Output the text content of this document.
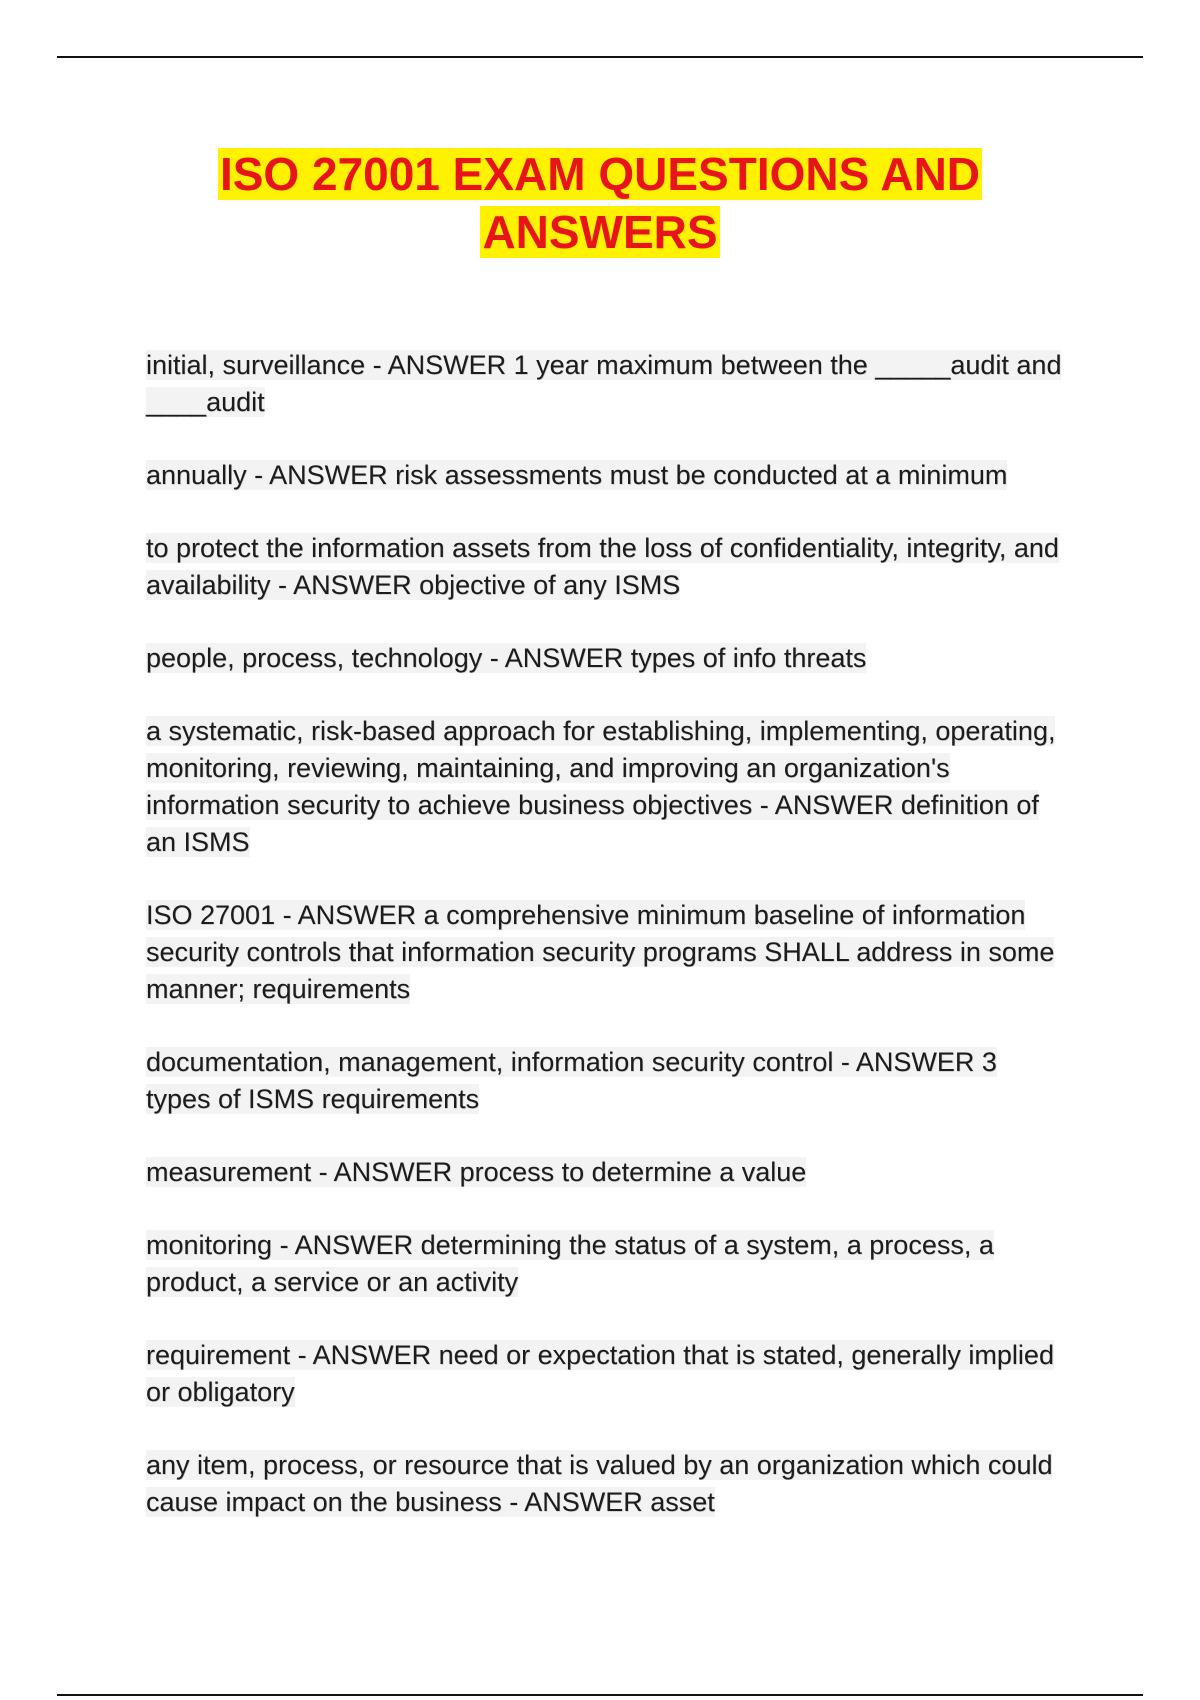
ISO 27001 EXAM QUESTIONS AND
ANSWERS
initial, surveillance - ANSWER 1 year maximum between the _____audit and ____audit
annually - ANSWER risk assessments must be conducted at a minimum
to protect the information assets from the loss of confidentiality, integrity, and availability - ANSWER objective of any ISMS
people, process, technology - ANSWER types of info threats
a systematic, risk-based approach for establishing, implementing, operating, monitoring, reviewing, maintaining, and improving an organization's information security to achieve business objectives - ANSWER definition of an ISMS
ISO 27001 - ANSWER a comprehensive minimum baseline of information security controls that information security programs SHALL address in some manner; requirements
documentation, management, information security control - ANSWER 3 types of ISMS requirements
measurement - ANSWER process to determine a value
monitoring - ANSWER determining the status of a system, a process, a product, a service or an activity
requirement - ANSWER need or expectation that is stated, generally implied or obligatory
any item, process, or resource that is valued by an organization which could cause impact on the business - ANSWER asset
